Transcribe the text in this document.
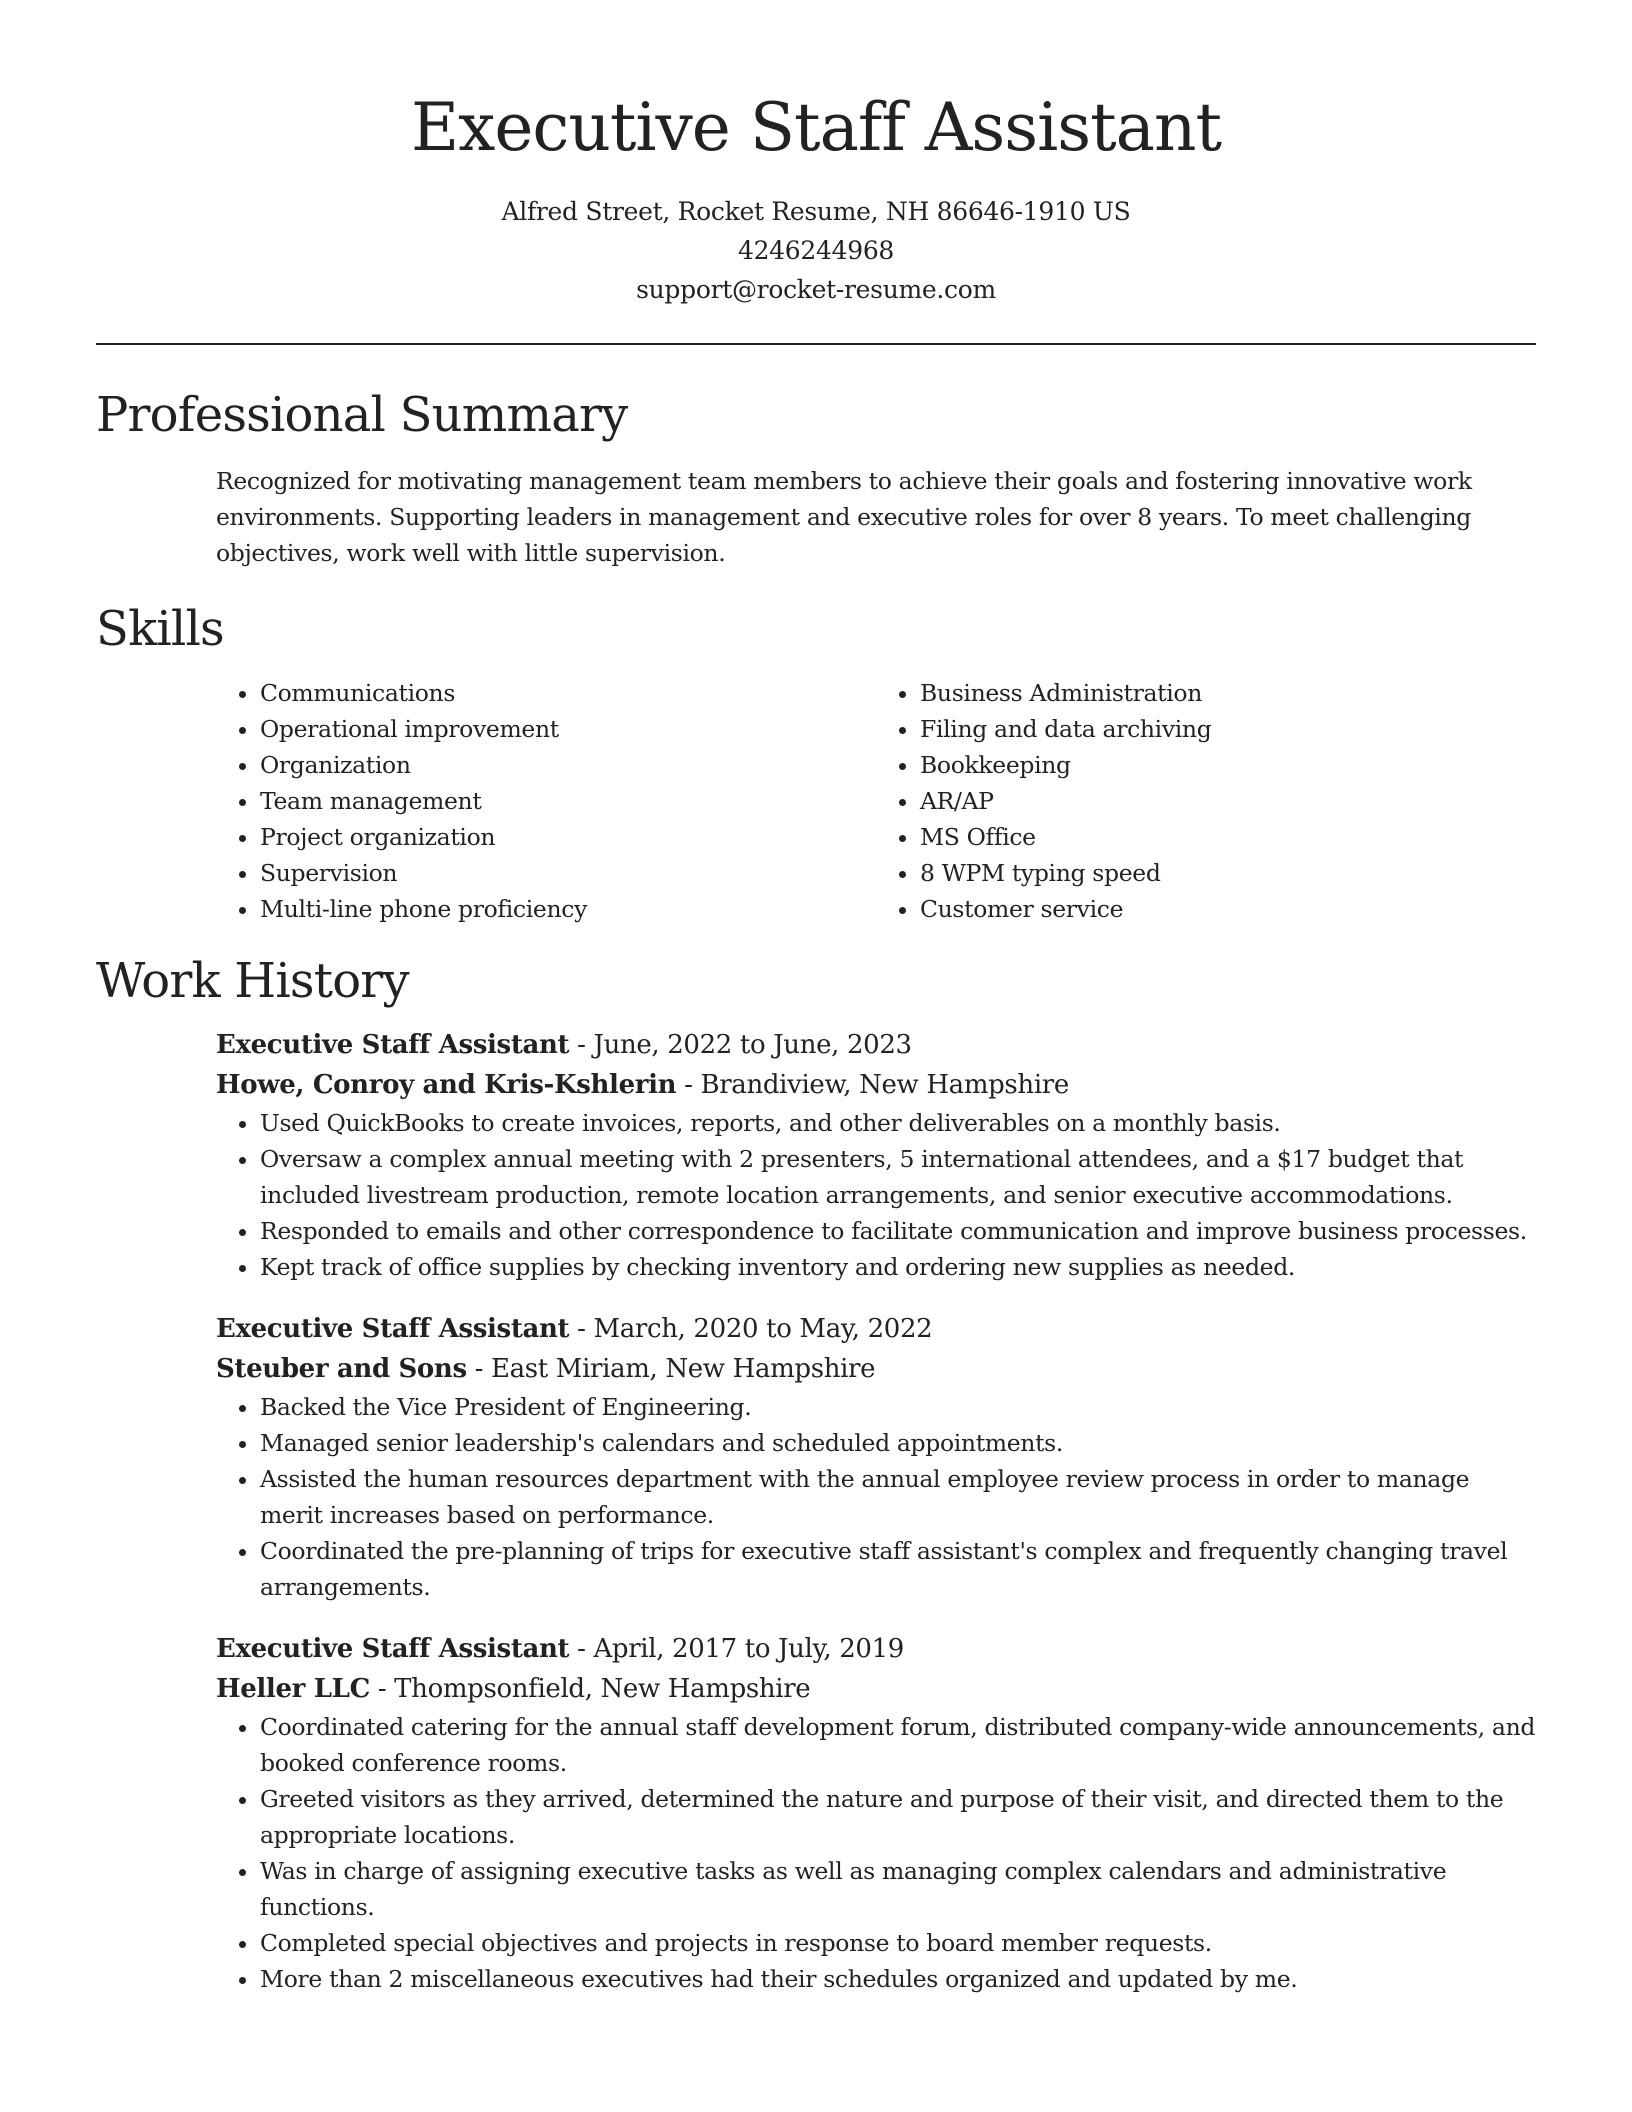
Executive Staff Assistant
Alfred Street, Rocket Resume, NH 86646-1910 US
4246244968
support@rocket-resume.com
Professional Summary
Recognized for motivating management team members to achieve their goals and fostering innovative work environments. Supporting leaders in management and executive roles for over 8 years. To meet challenging objectives, work well with little supervision.
Skills
• Communications
• Operational improvement
• Organization
• Team management
• Project organization
• Supervision
• Multi-line phone proficiency
• Business Administration
• Filing and data archiving
• Bookkeeping
• AR/AP
• MS Office
• 8 WPM typing speed
• Customer service
Work History
Executive Staff Assistant - June, 2022 to June, 2023
Howe, Conroy and Kris-Kshlerin - Brandiview, New Hampshire
• Used QuickBooks to create invoices, reports, and other deliverables on a monthly basis.
• Oversaw a complex annual meeting with 2 presenters, 5 international attendees, and a $17 budget that included livestream production, remote location arrangements, and senior executive accommodations.
• Responded to emails and other correspondence to facilitate communication and improve business processes.
• Kept track of office supplies by checking inventory and ordering new supplies as needed.
Executive Staff Assistant - March, 2020 to May, 2022
Steuber and Sons - East Miriam, New Hampshire
• Backed the Vice President of Engineering.
• Managed senior leadership's calendars and scheduled appointments.
• Assisted the human resources department with the annual employee review process in order to manage merit increases based on performance.
• Coordinated the pre-planning of trips for executive staff assistant's complex and frequently changing travel arrangements.
Executive Staff Assistant - April, 2017 to July, 2019
Heller LLC - Thompsonfield, New Hampshire
• Coordinated catering for the annual staff development forum, distributed company-wide announcements, and booked conference rooms.
• Greeted visitors as they arrived, determined the nature and purpose of their visit, and directed them to the appropriate locations.
• Was in charge of assigning executive tasks as well as managing complex calendars and administrative functions.
• Completed special objectives and projects in response to board member requests.
• More than 2 miscellaneous executives had their schedules organized and updated by me.
